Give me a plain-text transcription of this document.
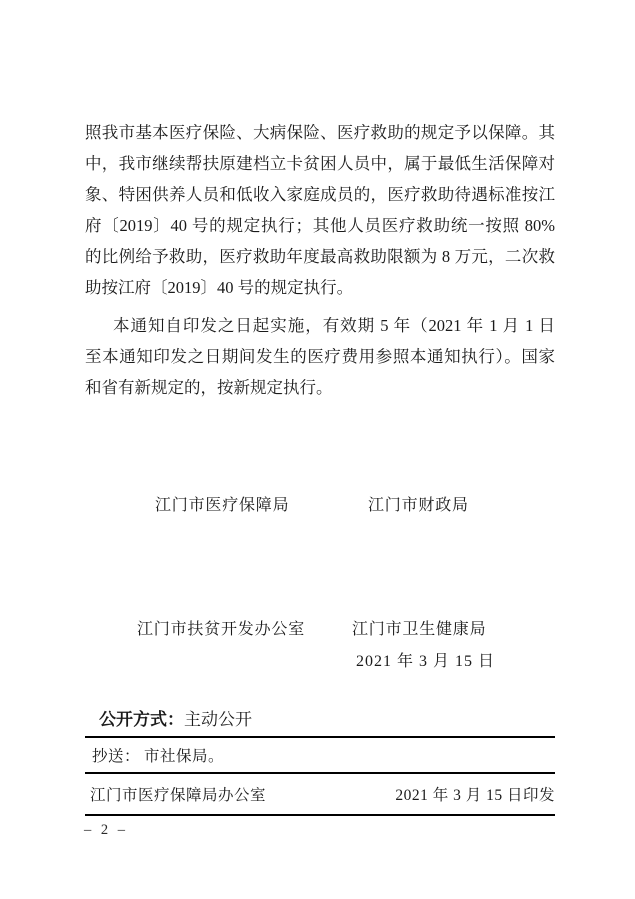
照我市基本医疗保险、大病保险、医疗救助的规定予以保障。其
中，我市继续帮扶原建档立卡贫困人员中，属于最低生活保障对
象、特困供养人员和低收入家庭成员的，医疗救助待遇标准按江
府〔2019〕40 号的规定执行；其他人员医疗救助统一按照 80%
的比例给予救助，医疗救助年度最高救助限额为 8 万元，二次救
助按江府〔2019〕40 号的规定执行。
本通知自印发之日起实施，有效期 5 年（2021 年 1 月 1 日
至本通知印发之日期间发生的医疗费用参照本通知执行）。国家
和省有新规定的，按新规定执行。
江门市医疗保障局	江门市财政局
江门市扶贫开发办公室	江门市卫生健康局
2021 年 3 月 15 日
公开方式：主动公开
抄送： 市社保局。
江门市医疗保障局办公室	2021 年 3 月 15 日印发
– 2 –
